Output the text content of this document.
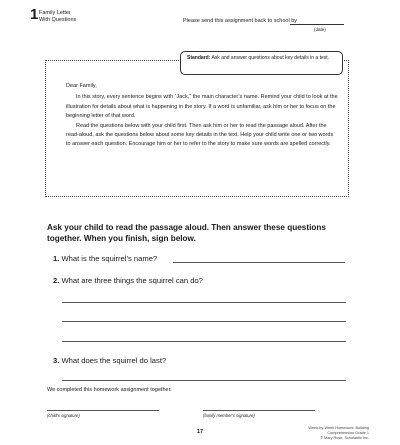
1 Family Letter
With Questions	Please send this assignment back to school by
(date)
Standard: Ask and answer questions about key details in a text.

Dear Family,

In this story, every sentence begins with “Jack,” the main character’s name. Remind your child to look at the illustration for details about what is happening in the story. If a word is unfamiliar, ask him or her to focus on the beginning letter of that word.

Read the questions below with your child first. Then ask him or her to read the passage aloud. After the read-aloud, ask the questions below about some key details in the text. Help your child write one or two words to answer each question. Encourage him or her to refer to the story to make sure words are spelled correctly.

Ask your child to read the passage aloud. Then answer these questions together. When you finish, sign below.
1. What is the squirrel’s name?
2. What are three things the squirrel can do?
3. What does the squirrel do last?
We completed this homework assignment together.
(child’s signature)	(family member’s signature)
17
Week-by-Week Homework: Building Comprehension Grade 1
© Mary Rose, Scholastic Inc.
